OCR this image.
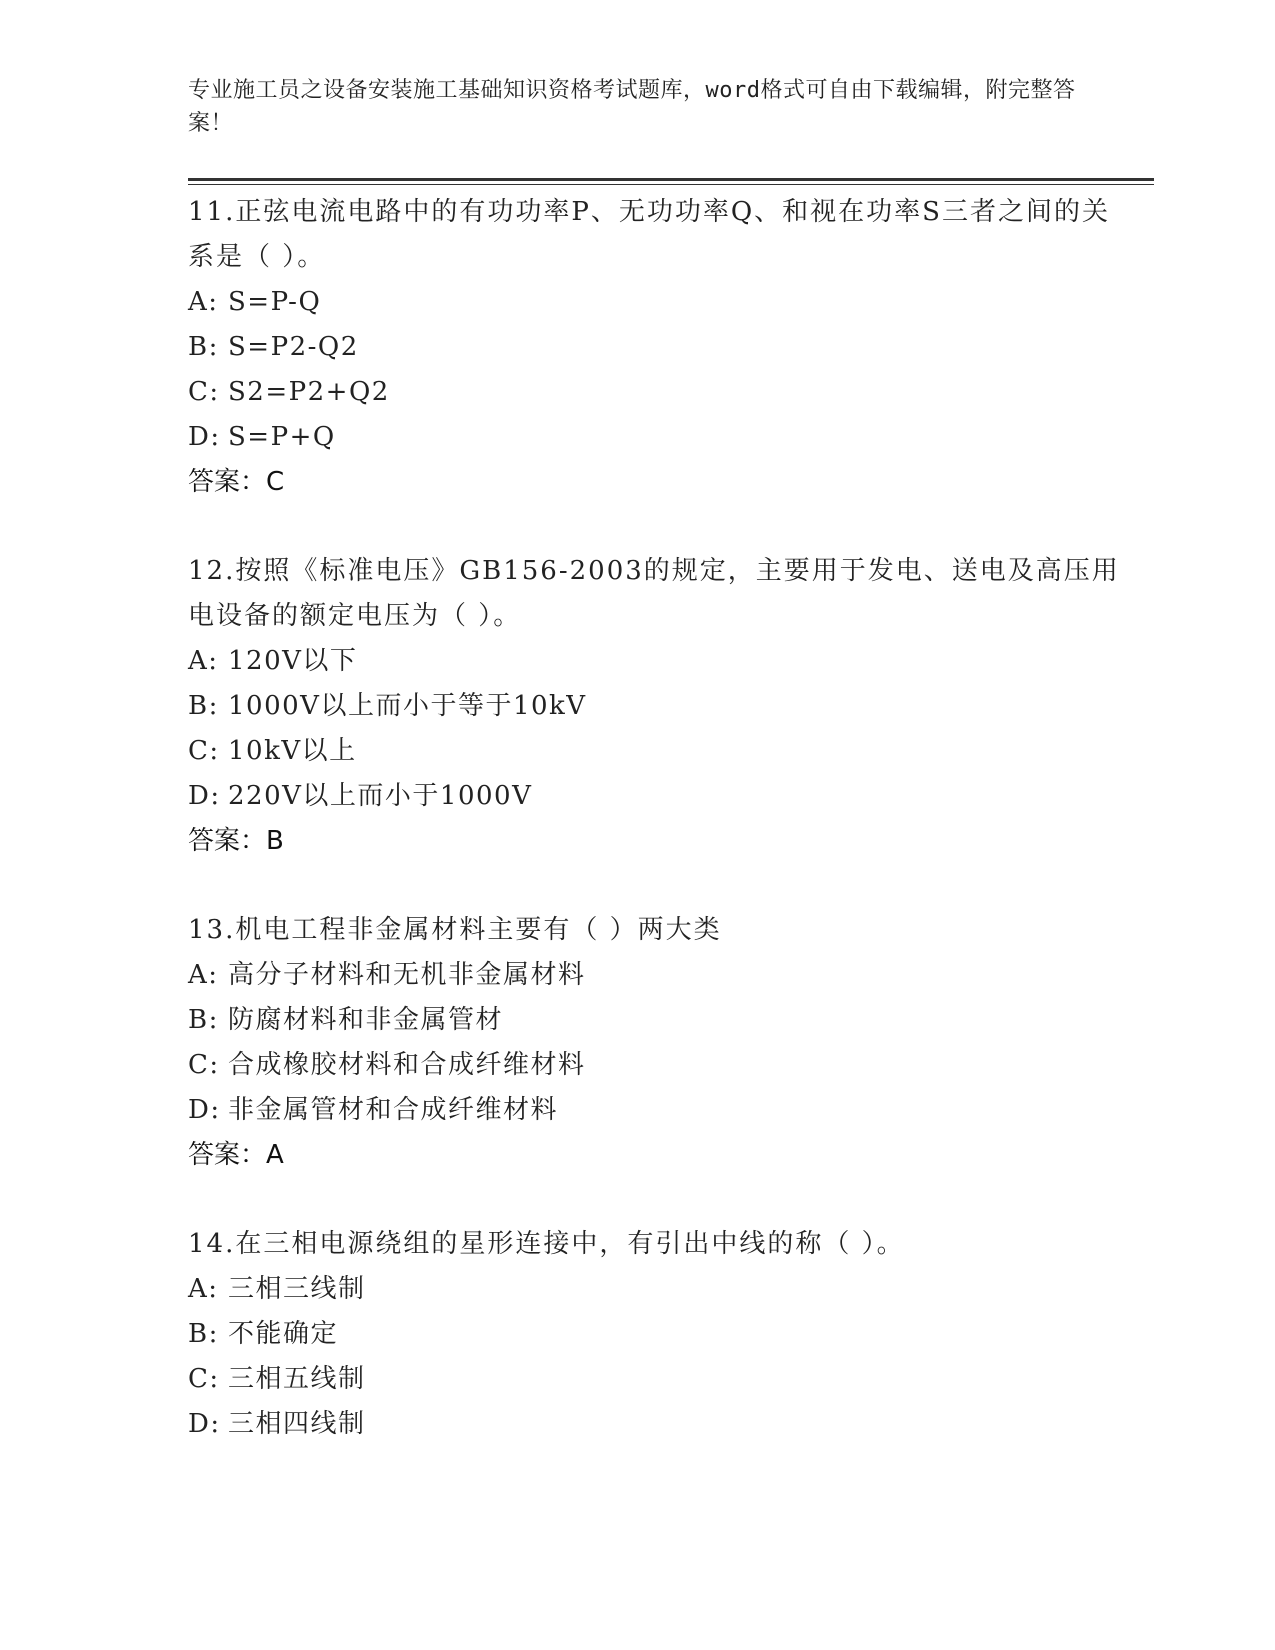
专业施工员之设备安装施工基础知识资格考试题库，word格式可自由下载编辑，附完整答案！
11.正弦电流电路中的有功功率P、无功功率Q、和视在功率S三者之间的关系是（ ）。
A: S=P-Q
B: S=P2-Q2
C: S2=P2+Q2
D: S=P+Q
答案：C
12.按照《标准电压》GB156-2003的规定，主要用于发电、送电及高压用电设备的额定电压为（ ）。
A: 120V以下
B: 1000V以上而小于等于10kV
C: 10kV以上
D: 220V以上而小于1000V
答案：B
13.机电工程非金属材料主要有（ ）两大类
A: 高分子材料和无机非金属材料
B: 防腐材料和非金属管材
C: 合成橡胶材料和合成纤维材料
D: 非金属管材和合成纤维材料
答案：A
14.在三相电源绕组的星形连接中，有引出中线的称（ ）。
A: 三相三线制
B: 不能确定
C: 三相五线制
D: 三相四线制
